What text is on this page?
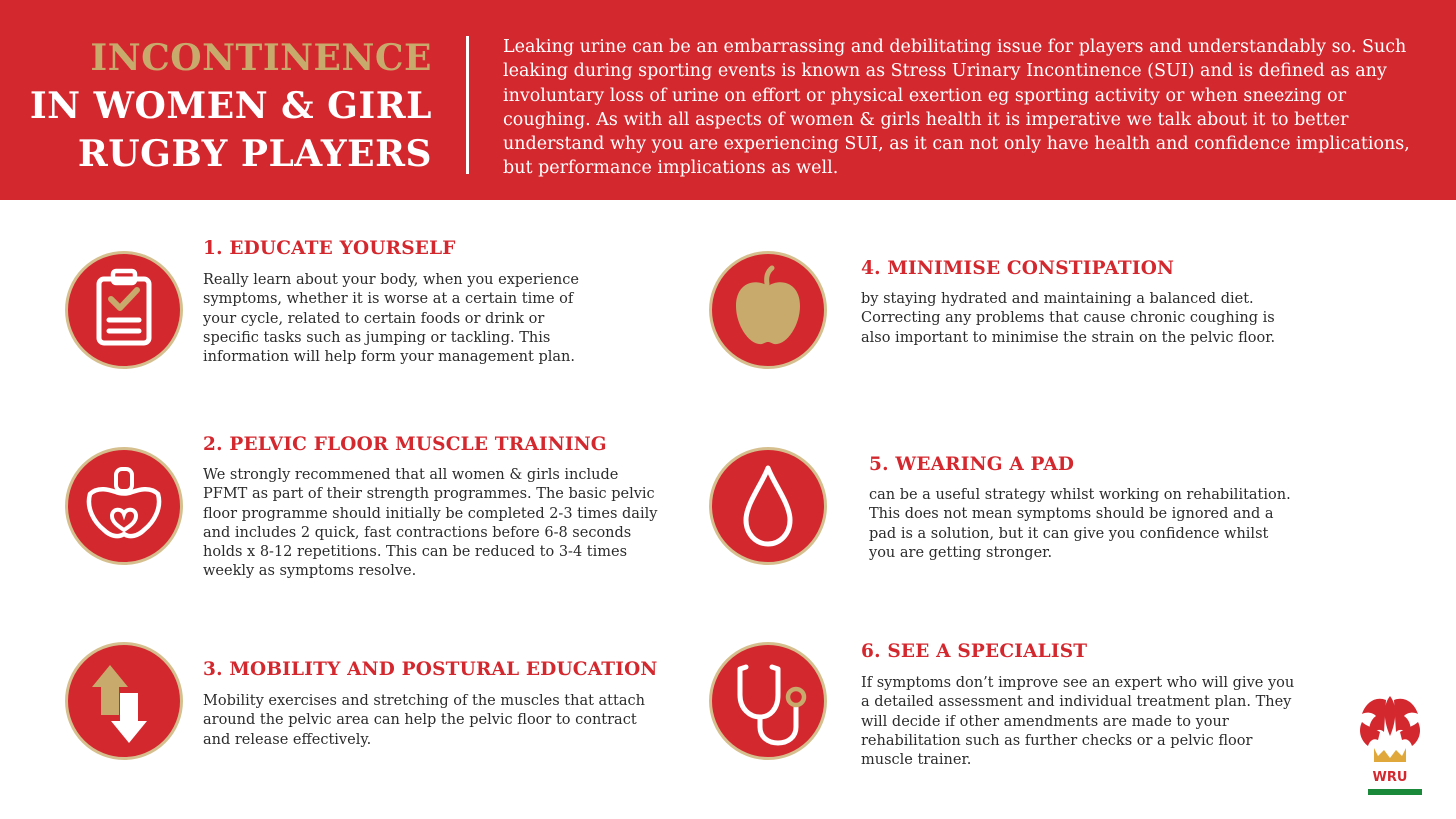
INCONTINENCE
IN WOMEN & GIRL
RUGBY PLAYERS
Leaking urine can be an embarrassing and debilitating issue for players and understandably so. Such leaking during sporting events is known as Stress Urinary Incontinence (SUI) and is defined as any involuntary loss of urine on effort or physical exertion eg sporting activity or when sneezing or coughing. As with all aspects of women & girls health it is imperative we talk about it to better understand why you are experiencing SUI, as it can not only have health and confidence implications, but performance implications as well.
1. EDUCATE YOURSELF
Really learn about your body, when you experience symptoms, whether it is worse at a certain time of your cycle, related to certain foods or drink or specific tasks such as jumping or tackling. This information will help form your management plan.
2. PELVIC FLOOR MUSCLE TRAINING
We strongly recommened that all women & girls include PFMT as part of their strength programmes. The basic pelvic floor programme should initially be completed 2-3 times daily and includes 2 quick, fast contractions before 6-8 seconds holds x 8-12 repetitions. This can be reduced to 3-4 times weekly as symptoms resolve.
3. MOBILITY AND POSTURAL EDUCATION
Mobility exercises and stretching of the muscles that attach around the pelvic area can help the pelvic floor to contract and release effectively.
4. MINIMISE CONSTIPATION
by staying hydrated and maintaining a balanced diet. Correcting any problems that cause chronic coughing is also important to minimise the strain on the pelvic floor.
5. WEARING A PAD
can be a useful strategy whilst working on rehabilitation. This does not mean symptoms should be ignored and a pad is a solution, but it can give you confidence whilst you are getting stronger.
6. SEE A SPECIALIST
If symptoms don’t improve see an expert who will give you a detailed assessment and individual treatment plan. They will decide if other amendments are made to your rehabilitation such as further checks or a pelvic floor muscle trainer.
WRU
